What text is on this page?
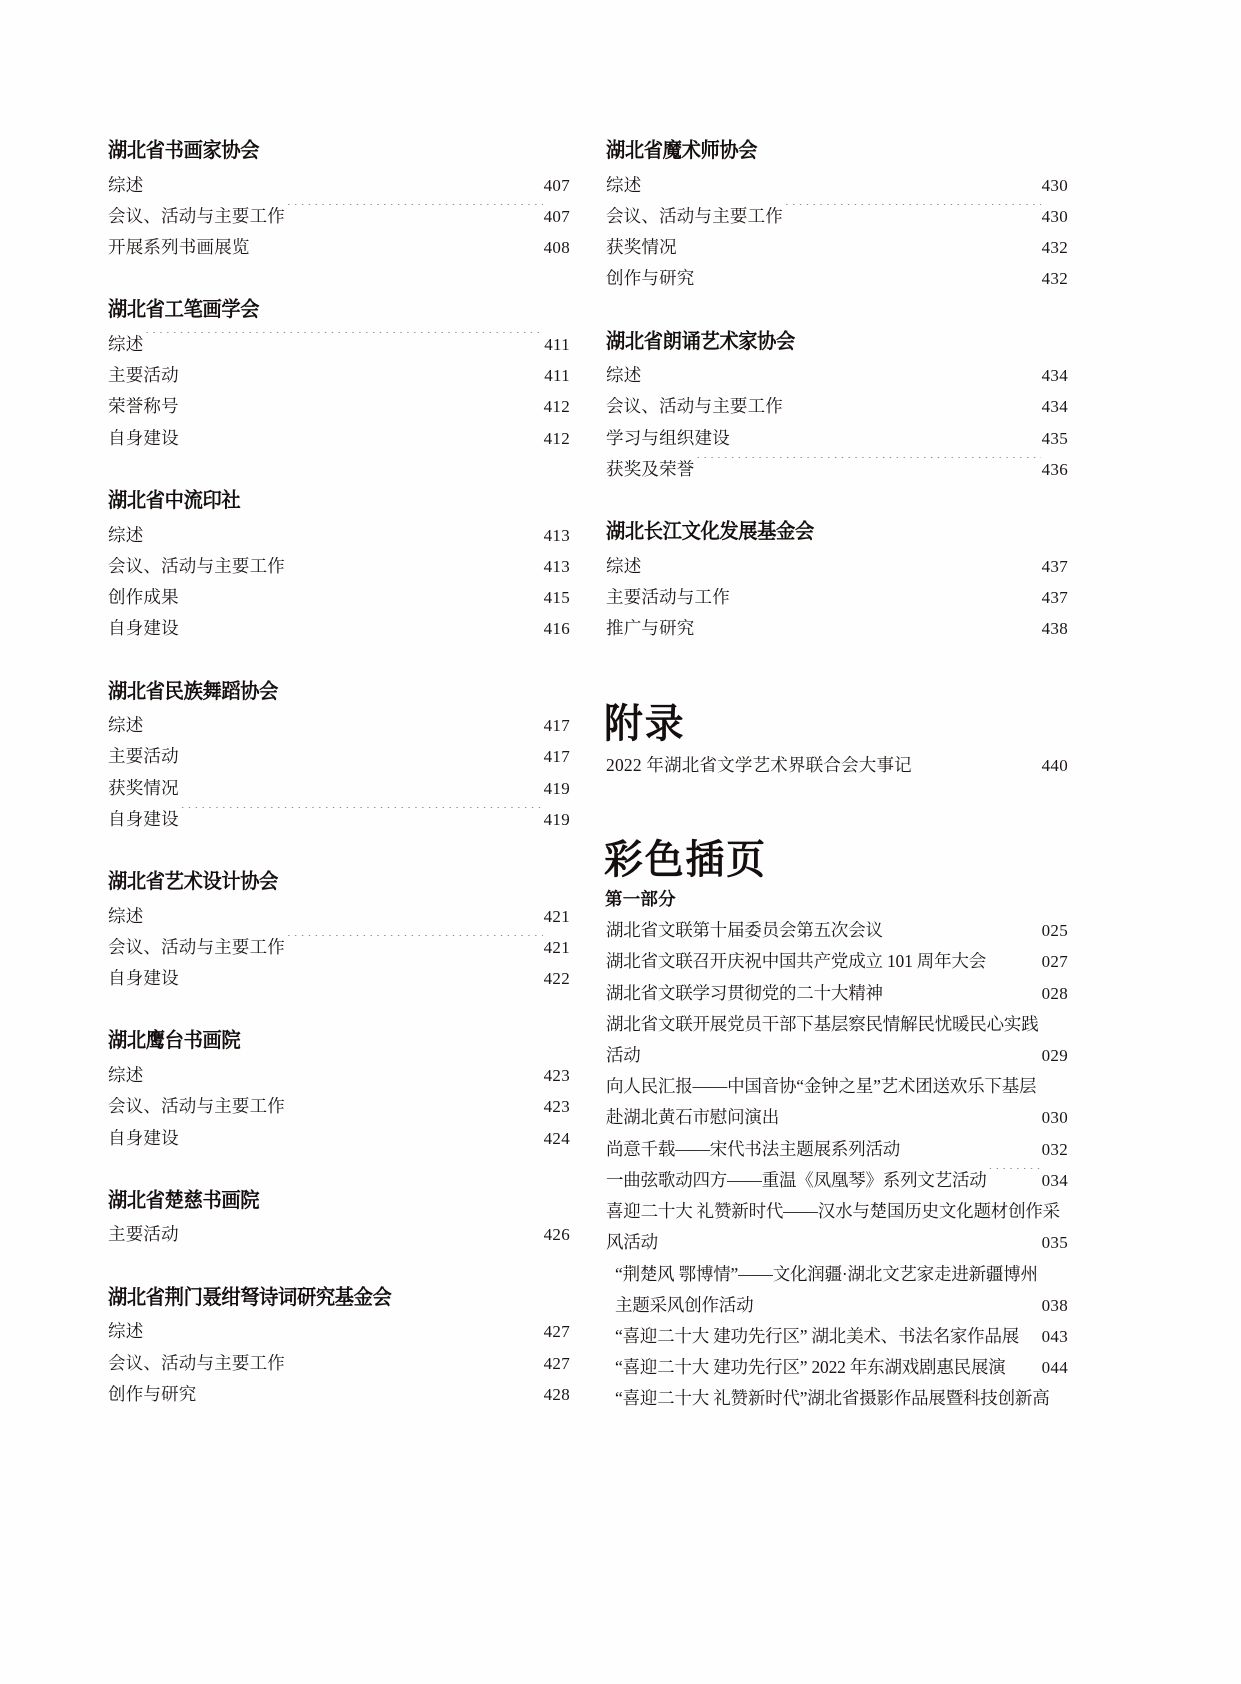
湖北省书画家协会
综述 ·····	407
会议、活动与主要工作 ·····	407
开展系列书画展览 ·····	408
湖北省工笔画学会
综述 ·····	411
主要活动 ·····	411
荣誉称号 ·····	412
自身建设 ·····	412
湖北省中流印社
综述 ·····	413
会议、活动与主要工作 ·····	413
创作成果 ·····	415
自身建设 ·····	416
湖北省民族舞蹈协会
综述 ·····	417
主要活动 ·····	417
获奖情况 ·····	419
自身建设 ·····	419
湖北省艺术设计协会
综述 ·····	421
会议、活动与主要工作 ·····	421
自身建设 ·····	422
湖北鹰台书画院
综述 ·····	423
会议、活动与主要工作 ·····	423
自身建设 ·····	424
湖北省楚慈书画院
主要活动 ·····	426
湖北省荆门聂绀弩诗词研究基金会
综述 ·····	427
会议、活动与主要工作 ·····	427
创作与研究 ·····	428
湖北省魔术师协会
综述 ·····	430
会议、活动与主要工作 ·····	430
获奖情况 ·····	432
创作与研究 ·····	432
湖北省朗诵艺术家协会
综述 ·····	434
会议、活动与主要工作 ·····	434
学习与组织建设 ·····	435
获奖及荣誉 ·····	436
湖北长江文化发展基金会
综述 ·····	437
主要活动与工作 ·····	437
推广与研究 ·····	438
附录
2022 年湖北省文学艺术界联合会大事记 ·····	440
彩色插页
第一部分
湖北省文联第十届委员会第五次会议 ·····	025
湖北省文联召开庆祝中国共产党成立 101 周年大会 ·····	027
湖北省文联学习贯彻党的二十大精神 ·····	028
湖北省文联开展党员干部下基层察民情解民忧暖民心实践
活动 ·····	029
向人民汇报——中国音协“金钟之星”艺术团送欢乐下基层
赴湖北黄石市慰问演出 ·····	030
尚意千载——宋代书法主题展系列活动 ·····	032
一曲弦歌动四方——重温《凤凰琴》系列文艺活动 ·····	034
喜迎二十大 礼赞新时代——汉水与楚国历史文化题材创作采
风活动 ·····	035
“荆楚风 鄂博情”——文化润疆·湖北文艺家走进新疆博州
主题采风创作活动 ·····	038
“喜迎二十大 建功先行区” 湖北美术、书法名家作品展 043
“喜迎二十大 建功先行区” 2022 年东湖戏剧惠民展演 ····· 044
“喜迎二十大 礼赞新时代”湖北省摄影作品展暨科技创新高
